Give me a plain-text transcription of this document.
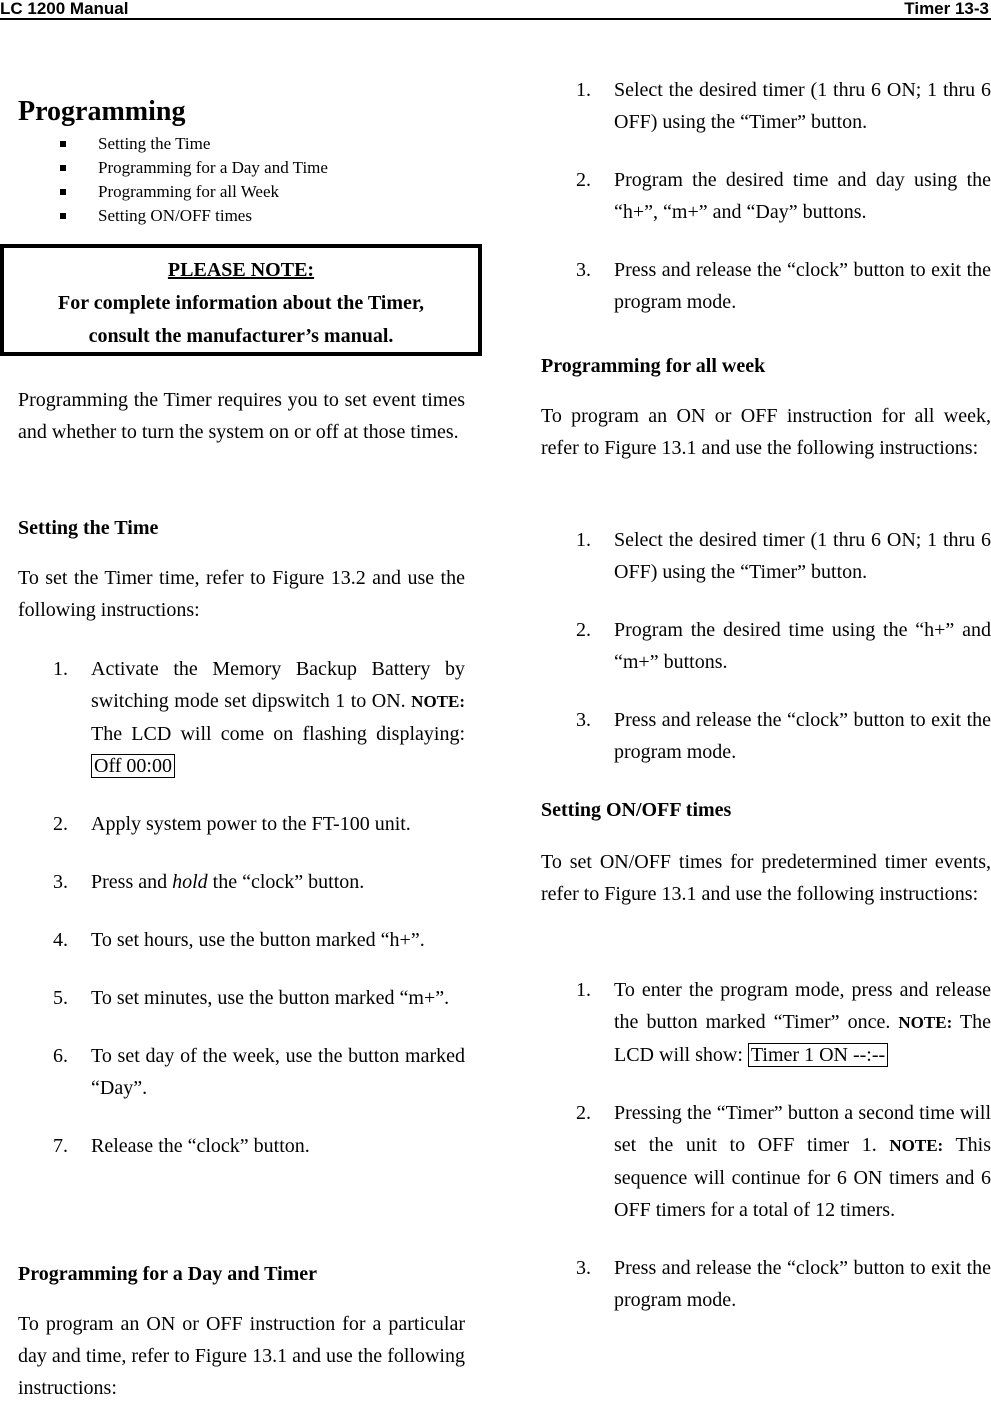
LC 1200 Manual	Timer 13-3
Programming
Setting the Time
Programming for a Day and Time
Programming for all Week
Setting ON/OFF times
PLEASE NOTE:
For complete information about the Timer,
consult the manufacturer’s manual.

Programming the Timer requires you to set event times and whether to turn the system on or off at those times.

Setting the Time

To set the Timer time, refer to Figure 13.2 and use the following instructions:

1. Activate the Memory Backup Battery by switching mode set dipswitch 1 to ON. NOTE: The LCD will come on flashing displaying: Off 00:00
2. Apply system power to the FT-100 unit.
3. Press and hold the “clock” button.
4. To set hours, use the button marked “h+”.
5. To set minutes, use the button marked “m+”.
6. To set day of the week, use the button marked “Day”.
7. Release the “clock” button.
Programming for a Day and Timer

To program an ON or OFF instruction for a particular day and time, refer to Figure 13.1 and use the following instructions:

1. Select the desired timer (1 thru 6 ON; 1 thru 6 OFF) using the “Timer” button.
2. Program the desired time and day using the “h+”, “m+” and “Day” buttons.
3. Press and release the “clock” button to exit the program mode.
Programming for all week

To program an ON or OFF instruction for all week, refer to Figure 13.1 and use the following instructions:

1. Select the desired timer (1 thru 6 ON; 1 thru 6 OFF) using the “Timer” button.
2. Program the desired time using the “h+” and “m+” buttons.
3. Press and release the “clock” button to exit the program mode.
Setting ON/OFF times

To set ON/OFF times for predetermined timer events, refer to Figure 13.1 and use the following instructions:

1. To enter the program mode, press and release the button marked “Timer” once. NOTE: The LCD will show: Timer 1 ON --:--
2. Pressing the “Timer” button a second time will set the unit to OFF timer 1. NOTE: This sequence will continue for 6 ON timers and 6 OFF timers for a total of 12 timers.
3. Press and release the “clock” button to exit the program mode.
